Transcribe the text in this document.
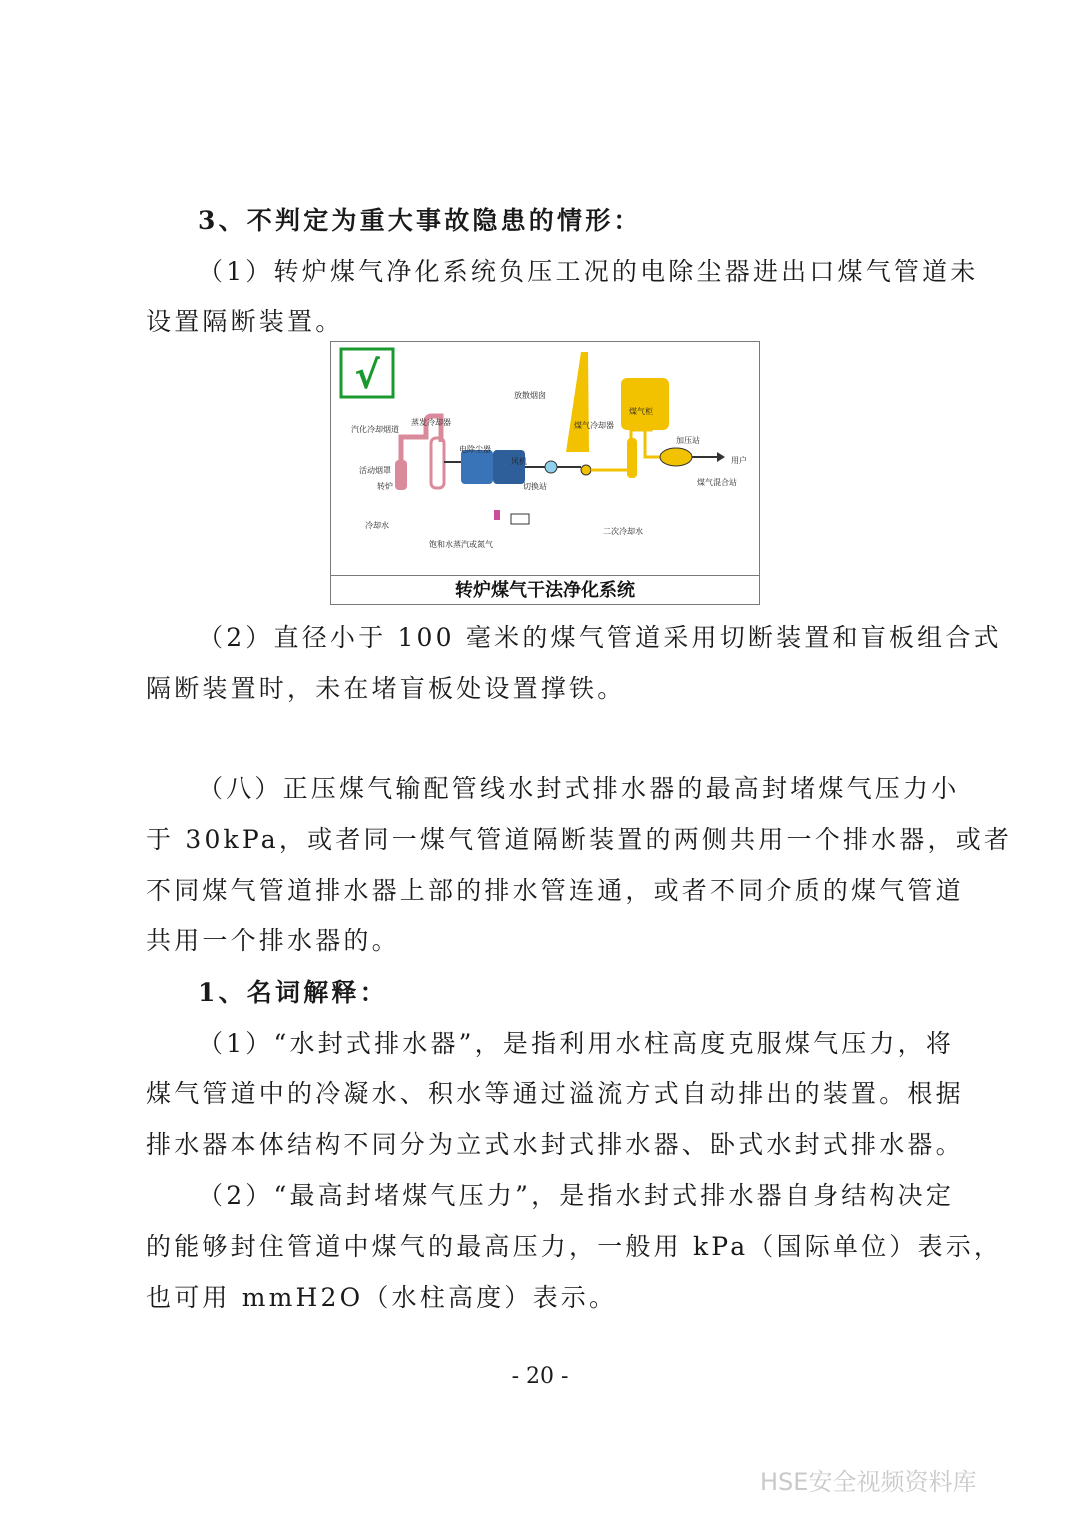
3、不判定为重大事故隐患的情形：
（1）转炉煤气净化系统负压工况的电除尘器进出口煤气管道未
设置隔断装置。
√	放散烟囱
煤气柜
蒸发冷却器	煤气冷却器
加压站
汽化冷却烟道
电除尘器
风机	用户
活动烟罩
转炉	切换站	煤气混合站
冷却水
二次冷却水
饱和水蒸汽或氮气
转炉煤气干法净化系统
（2）直径小于 100 毫米的煤气管道采用切断装置和盲板组合式
隔断装置时，未在堵盲板处设置撑铁。
（八）正压煤气输配管线水封式排水器的最高封堵煤气压力小
于 30kPa，或者同一煤气管道隔断装置的两侧共用一个排水器，或者
不同煤气管道排水器上部的排水管连通，或者不同介质的煤气管道
共用一个排水器的。
1、名词解释：
（1）“水封式排水器”，是指利用水柱高度克服煤气压力，将
煤气管道中的冷凝水、积水等通过溢流方式自动排出的装置。根据
排水器本体结构不同分为立式水封式排水器、卧式水封式排水器。
（2）“最高封堵煤气压力”，是指水封式排水器自身结构决定
的能够封住管道中煤气的最高压力，一般用 kPa（国际单位）表示，
也可用 mmH2O（水柱高度）表示。
- 20 -
HSE安全视频资料库
